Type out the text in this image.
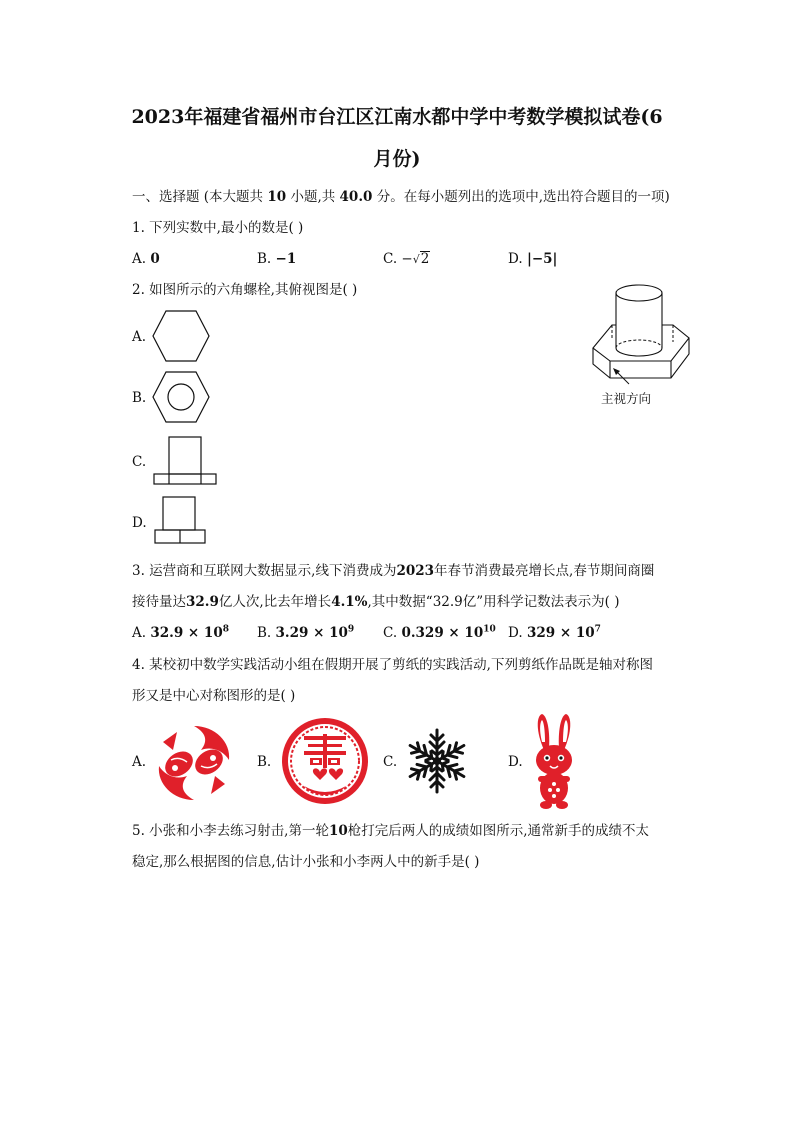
2023年福建省福州市台江区江南水都中学中考数学模拟试卷(6
月份)
一、选择题 (本大题共 10 小题,共 40.0 分。在每小题列出的选项中,选出符合题目的一项)
1. 下列实数中,最小的数是( )
A. 0	B. −1	C. −√2	D. |−5|
2. 如图所示的六角螺栓,其俯视图是( )
A.
B.
C.
D.
主视方向
3. 运营商和互联网大数据显示,线下消费成为2023年春节消费最亮增长点,春节期间商圈
接待量达32.9亿人次,比去年增长4.1%,其中数据“32.9亿”用科学记数法表示为( )
A. $32.9 \times 10^8$ B. $3.29 \times 10^9$ C. $0.329 \times 10^{10}$ D. $329 \times 10^7$
4. 某校初中数学实践活动小组在假期开展了剪纸的实践活动,下列剪纸作品既是轴对称图
形又是中心对称图形的是( )
A.	B.	C.	D.
5. 小张和小李去练习射击,第一轮10枪打完后两人的成绩如图所示,通常新手的成绩不太
稳定,那么根据图的信息,估计小张和小李两人中的新手是( )
